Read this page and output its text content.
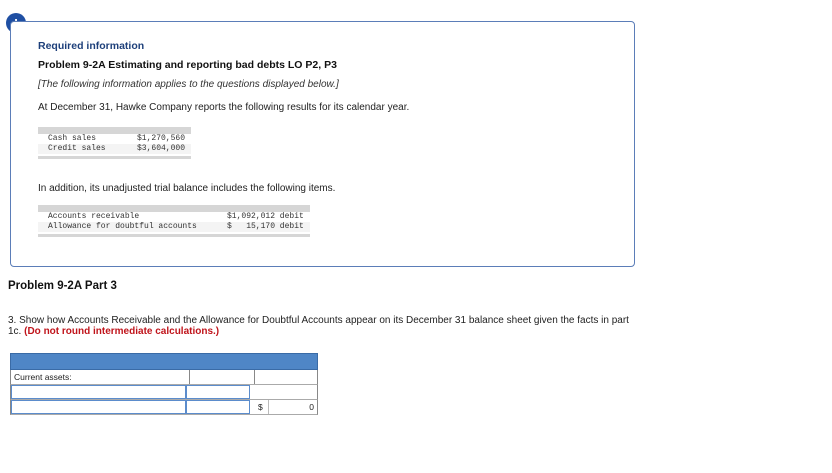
Required information
Problem 9-2A Estimating and reporting bad debts LO P2, P3
[The following information applies to the questions displayed below.]
At December 31, Hawke Company reports the following results for its calendar year.
Cash sales	$1,270,560
Credit sales	$3,604,000
In addition, its unadjusted trial balance includes the following items.
Accounts receivable	$1,092,012 debit
Allowance for doubtful accounts	$   15,170 debit
Problem 9-2A Part 3
3. Show how Accounts Receivable and the Allowance for Doubtful Accounts appear on its December 31 balance sheet given the facts in part 1c. (Do not round intermediate calculations.)
Current assets:
$	0
